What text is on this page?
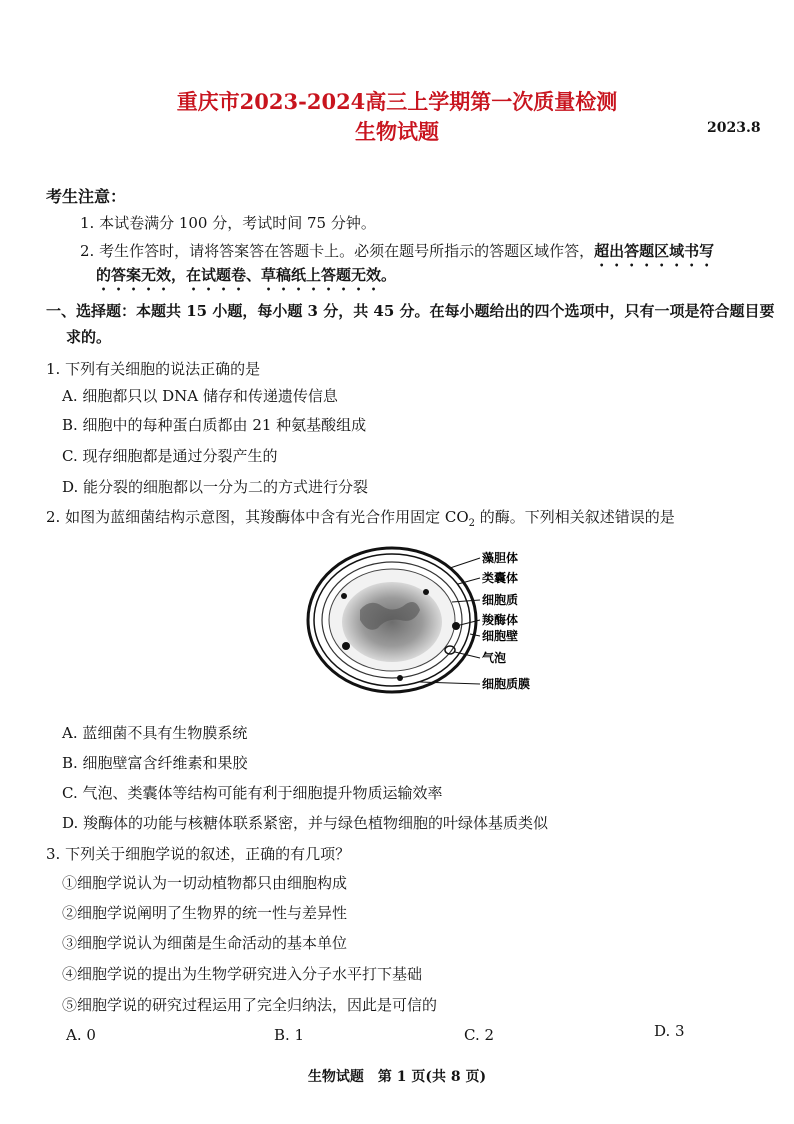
重庆市2023-2024高三上学期第一次质量检测
生物试题	2023.8
考生注意：
1. 本试卷满分 100 分，考试时间 75 分钟。
2. 考生作答时，请将答案答在答题卡上。必须在题号所指示的答题区域作答，超出答题区域书写
的答案无效，在试题卷、草稿纸上答题无效。
一、选择题：本题共 15 小题，每小题 3 分，共 45 分。在每小题给出的四个选项中，只有一项是符合题目要
求的。
1. 下列有关细胞的说法正确的是
A. 细胞都只以 DNA 储存和传递遗传信息
B. 细胞中的每种蛋白质都由 21 种氨基酸组成
C. 现存细胞都是通过分裂产生的
D. 能分裂的细胞都以一分为二的方式进行分裂
2. 如图为蓝细菌结构示意图，其羧酶体中含有光合作用固定 $CO_2$ 的酶。下列相关叙述错误的是
藻胆体
类囊体
细胞质
羧酶体
细胞壁
气泡
细胞质膜
A. 蓝细菌不具有生物膜系统
B. 细胞壁富含纤维素和果胶
C. 气泡、类囊体等结构可能有利于细胞提升物质运输效率
D. 羧酶体的功能与核糖体联系紧密，并与绿色植物细胞的叶绿体基质类似
3. 下列关于细胞学说的叙述，正确的有几项？
①细胞学说认为一切动植物都只由细胞构成
②细胞学说阐明了生物界的统一性与差异性
③细胞学说认为细菌是生命活动的基本单位
④细胞学说的提出为生物学研究进入分子水平打下基础
⑤细胞学说的研究过程运用了完全归纳法，因此是可信的
A. 0	B. 1	C. 2	D. 3
生物试题　第 1 页(共 8 页)
